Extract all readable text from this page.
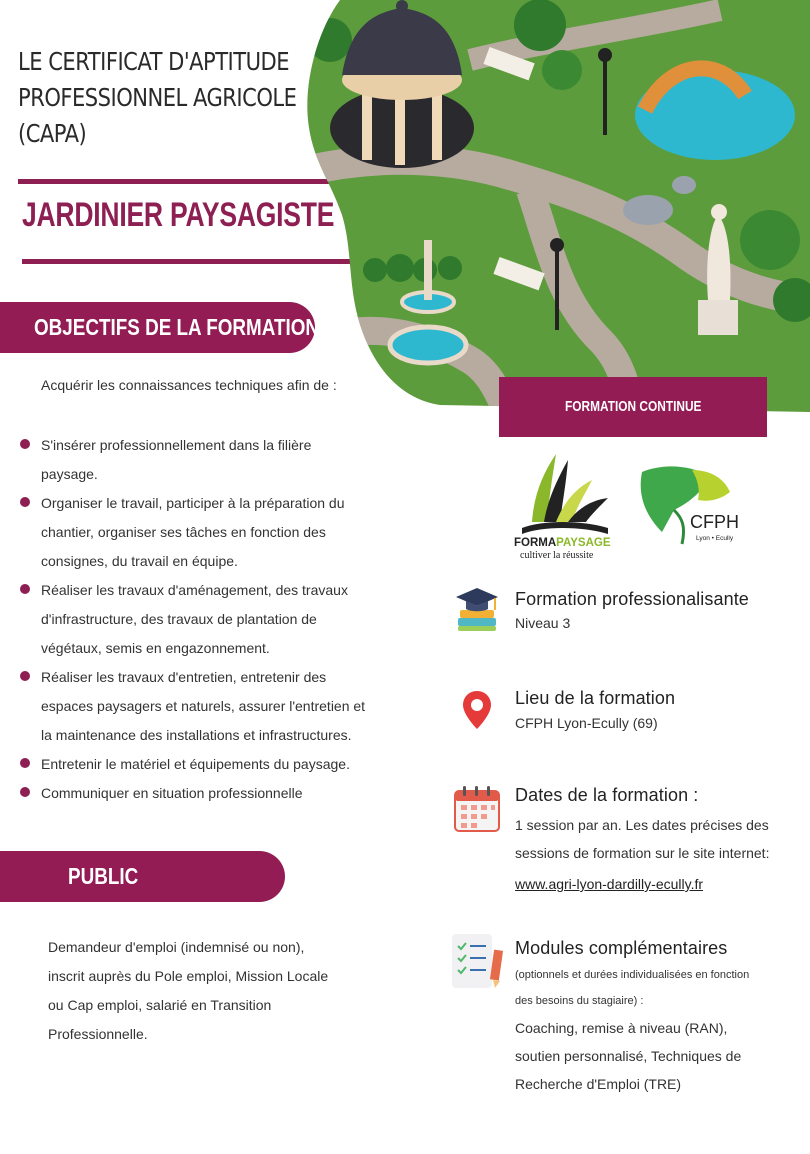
LE CERTIFICAT D'APTITUDE
PROFESSIONNEL AGRICOLE
(CAPA)
JARDINIER PAYSAGISTE
OBJECTIFS DE LA FORMATION
Acquérir les connaissances techniques afin de :
S'insérer professionnellement dans la filière
paysage.
Organiser le travail, participer à la préparation du
chantier, organiser ses tâches en fonction des
consignes, du travail en équipe.
Réaliser les travaux d'aménagement, des travaux
d'infrastructure, des travaux de plantation de
végétaux, semis en engazonnement.
Réaliser les travaux d'entretien, entretenir des
espaces paysagers et naturels, assurer l'entretien et
la maintenance des installations et infrastructures.
Entretenir le matériel et équipements du paysage.
Communiquer en situation professionnelle
PUBLIC
Demandeur d'emploi (indemnisé ou non),
inscrit auprès du Pole emploi, Mission Locale
ou Cap emploi, salarié en Transition
Professionnelle.
FORMATION CONTINUE
FORMAPAYSAGE
cultiver la réussite
CFPH
Lyon • Ecully
Formation professionalisante
Niveau 3
Lieu de la formation
CFPH Lyon-Ecully (69)
Dates de la formation :
1 session par an. Les dates précises des
sessions de formation sur le site internet:
www.agri-lyon-dardilly-ecully.fr
Modules complémentaires
(optionnels et durées individualisées en fonction
des besoins du stagiaire) :
Coaching, remise à niveau (RAN),
soutien personnalisé, Techniques de
Recherche d'Emploi (TRE)
